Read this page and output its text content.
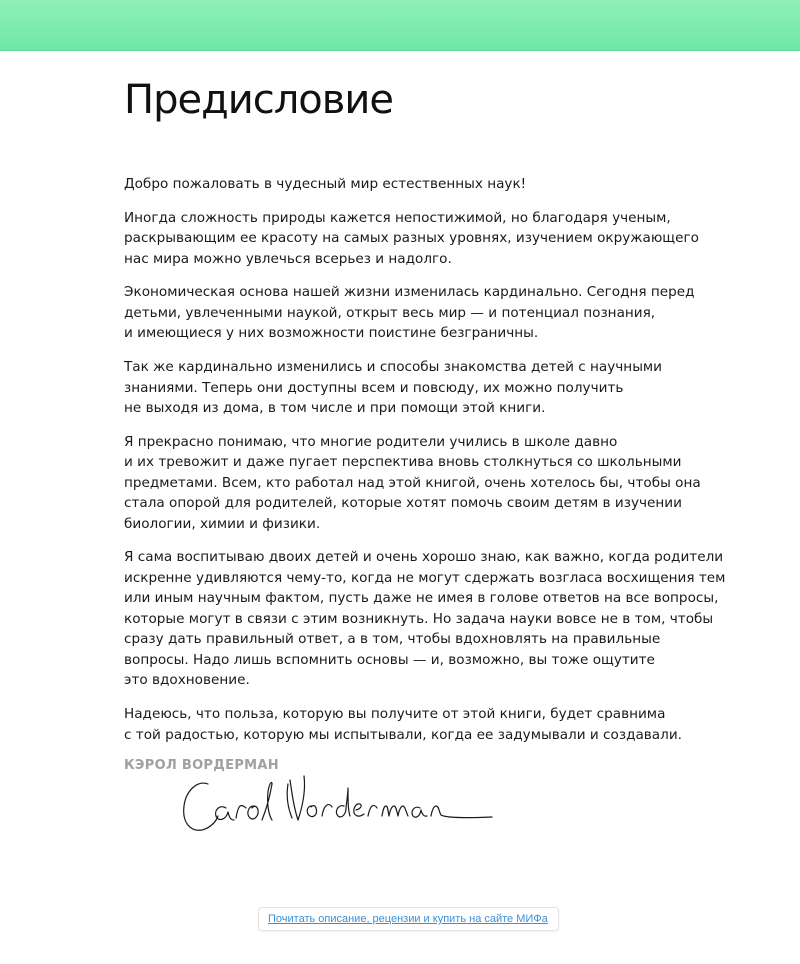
Предисловие

Добро пожаловать в чудесный мир естественных наук!

Иногда сложность природы кажется непостижимой, но благодаря ученым,
раскрывающим ее красоту на самых разных уровнях, изучением окружающего
нас мира можно увлечься всерьез и надолго.

Экономическая основа нашей жизни изменилась кардинально. Сегодня перед
детьми, увлеченными наукой, открыт весь мир — и потенциал познания,
и имеющиеся у них возможности поистине безграничны.

Так же кардинально изменились и способы знакомства детей с научными
знаниями. Теперь они доступны всем и повсюду, их можно получить
не выходя из дома, в том числе и при помощи этой книги.

Я прекрасно понимаю, что многие родители учились в школе давно
и их тревожит и даже пугает перспектива вновь столкнуться со школьными
предметами. Всем, кто работал над этой книгой, очень хотелось бы, чтобы она
стала опорой для родителей, которые хотят помочь своим детям в изучении
биологии, химии и физики.

Я сама воспитываю двоих детей и очень хорошо знаю, как важно, когда родители
искренне удивляются чему-то, когда не могут сдержать возгласа восхищения тем
или иным научным фактом, пусть даже не имея в голове ответов на все вопросы,
которые могут в связи с этим возникнуть. Но задача науки вовсе не в том, чтобы
сразу дать правильный ответ, а в том, чтобы вдохновлять на правильные
вопросы. Надо лишь вспомнить основы — и, возможно, вы тоже ощутите
это вдохновение.

Надеюсь, что польза, которую вы получите от этой книги, будет сравнима
с той радостью, которую мы испытывали, когда ее задумывали и создавали.

КЭРОЛ ВОРДЕРМАН
Почитать описание, рецензии и купить на сайте МИФа
